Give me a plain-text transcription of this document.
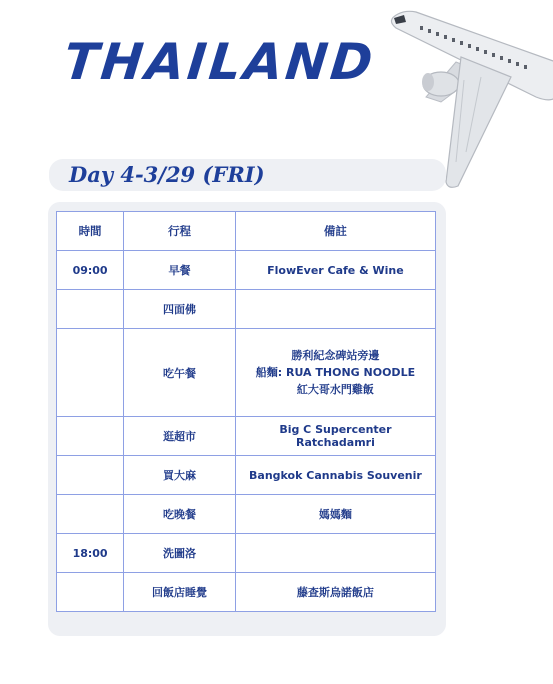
THAILAND
Day 4-3/29 (FRI)
時間	行程	備註
09:00	早餐	FlowEver Cafe & Wine
	四面佛	
	吃午餐	勝利紀念碑站旁邊
船麵: RUA THONG NOODLE
紅大哥水門雞飯

	逛超市	Big C Supercenter Ratchadamri
	買大麻	Bangkok Cannabis Souvenir
	吃晚餐	媽媽麵
18:00	洗圖洛	
	回飯店睡覺	藤查斯烏諾飯店
